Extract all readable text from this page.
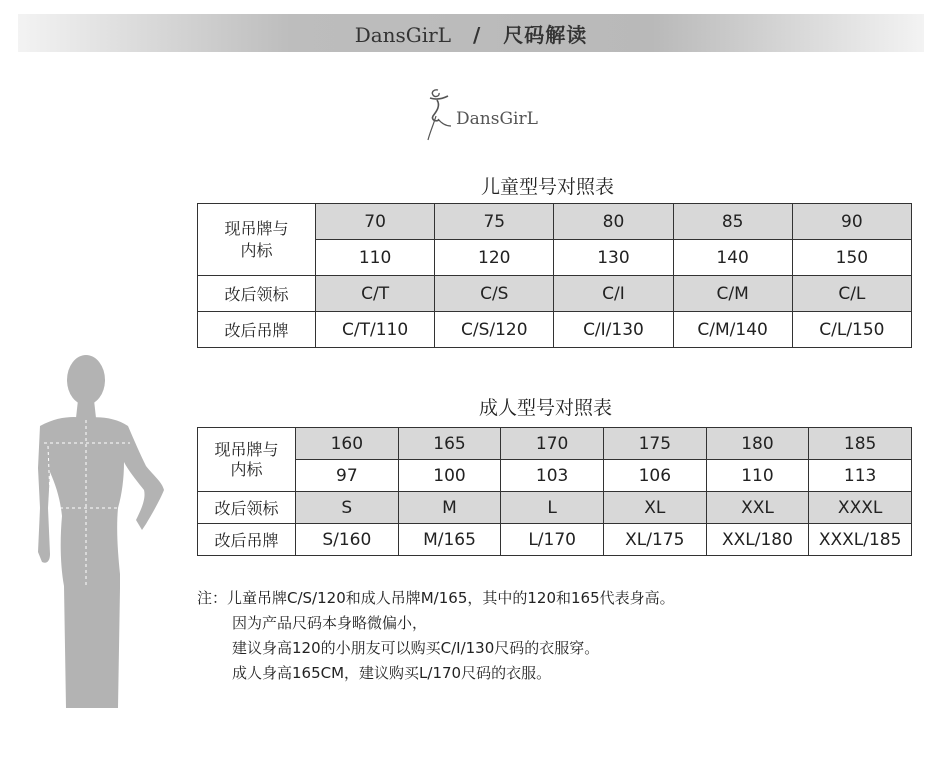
DansGirL / 尺码解读
DansGirL
儿童型号对照表
现吊牌与
内标	70	75	80	85	90
	110	120	130	140	150
改后领标	C/T	C/S	C/I	C/M	C/L
改后吊牌	C/T/110	C/S/120	C/I/130	C/M/140	C/L/150
成人型号对照表
现吊牌与
内标	160	165	170	175	180	185
	97	100	103	106	110	113
改后领标	S	M	L	XL	XXL	XXXL
改后吊牌	S/160	M/165	L/170	XL/175	XXL/180	XXXL/185
注：儿童吊牌C/S/120和成人吊牌M/165，其中的120和165代表身高。
因为产品尺码本身略微偏小，
建议身高120的小朋友可以购买C/I/130尺码的衣服穿。
成人身高165CM，建议购买L/170尺码的衣服。
